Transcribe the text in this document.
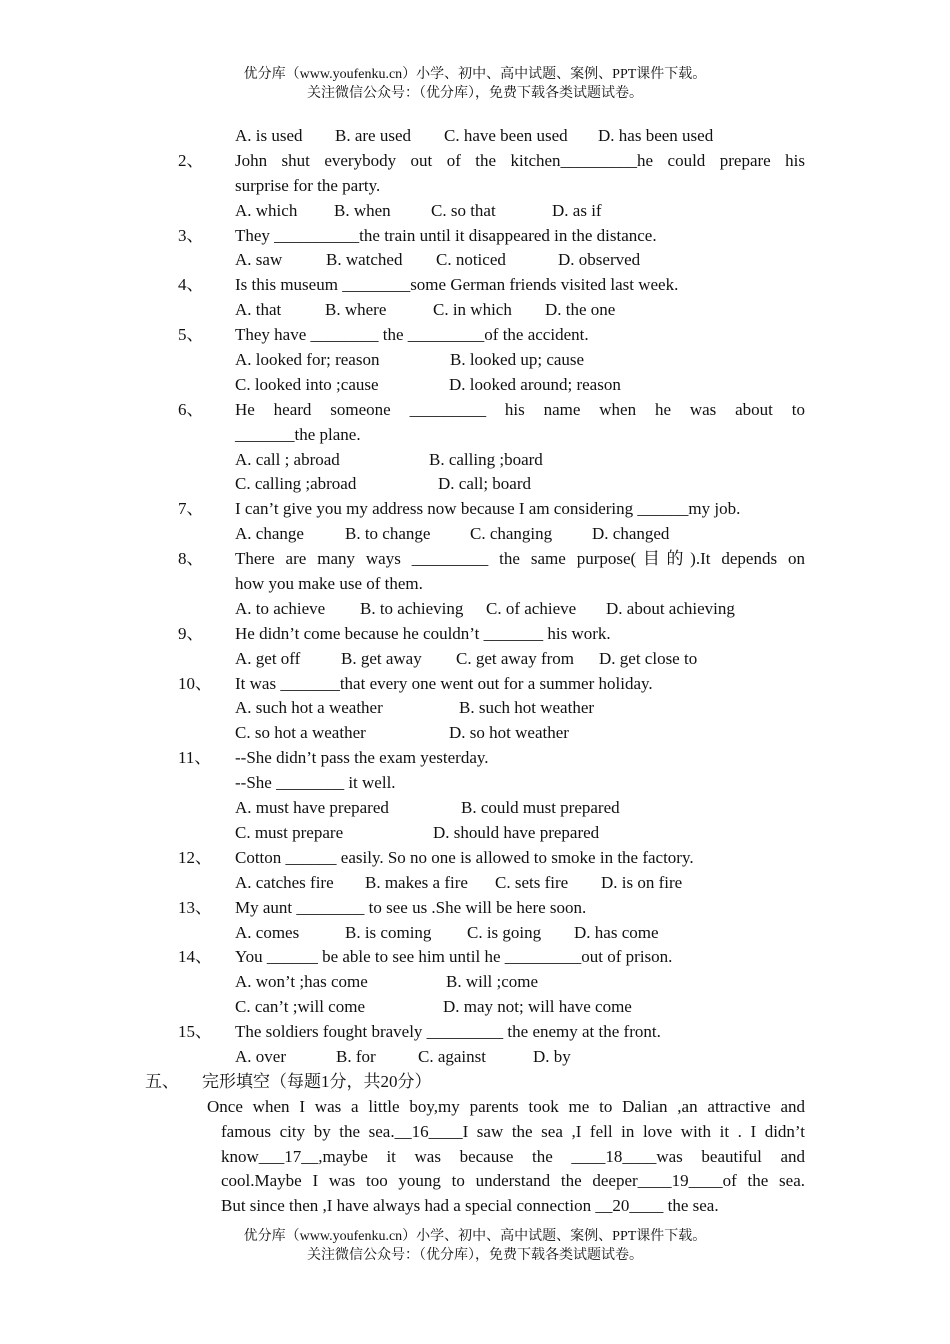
优分库（www.youfenku.cn）小学、初中、高中试题、案例、PPT课件下载。
关注微信公众号：（优分库），免费下载各类试题试卷。
A. is used B. are used C. have been used D. has been used
2、 John shut everybody out of the kitchen_________he could prepare his
surprise for the party.
A. which B. when C. so that	D. as if
3、 They __________the train until it disappeared in the distance.
A. saw	B. watched C. noticed	D. observed
4、 Is this museum ________some German friends visited last week.
A. that	B. where	C. in which D. the one
5、 They have ________ the _________of the accident.
A. looked for; reason	B. looked up; cause
C. looked into ;cause	D. looked around; reason
6、 He heard someone _________ his name when he was about to
_______the plane.
A. call ; abroad	B. calling ;board
C. calling ;abroad	D. call; board
7、 I can’t give you my address now because I am considering ______my job.
A. change B. to change C. changing D. changed
8、 There are many ways _________ the same purpose(目的).It depends on
how you make use of them.
A. to achieve B. to achieving C. of achieve D. about achieving
9、 He didn’t come because he couldn’t _______ his work.
A. get off B. get away C. get away from D. get close to
10、 It was _______that every one went out for a summer holiday.
A. such hot a weather	B. such hot weather
C. so hot a weather	D. so hot weather
11、 --She didn’t pass the exam yesterday.
--She ________ it well.
A. must have prepared	B. could must prepared
C. must prepare	D. should have prepared
12、 Cotton ______ easily. So no one is allowed to smoke in the factory.
A. catches fire B. makes a fire C. sets fire D. is on fire
13、 My aunt ________ to see us .She will be here soon.
A. comes	B. is coming C. is going D. has come
14、 You ______ be able to see him until he _________out of prison.
A. won’t ;has come	B. will ;come
C. can’t ;will come	D. may not; will have come
15、 The soldiers fought bravely _________ the enemy at the front.
A. over	B. for C. against	D. by
五、 完形填空（每题1分，共20分）
Once when I was a little boy,my parents took me to Dalian ,an attractive and
famous city by the sea.__16____I saw the sea ,I fell in love with it . I didn’t
know___17__,maybe it was because the ____18____was beautiful and
cool.Maybe I was too young to understand the deeper____19____of the sea.
But since then ,I have always had a special connection __20____ the sea.
优分库（www.youfenku.cn）小学、初中、高中试题、案例、PPT课件下载。
关注微信公众号：（优分库），免费下载各类试题试卷。
